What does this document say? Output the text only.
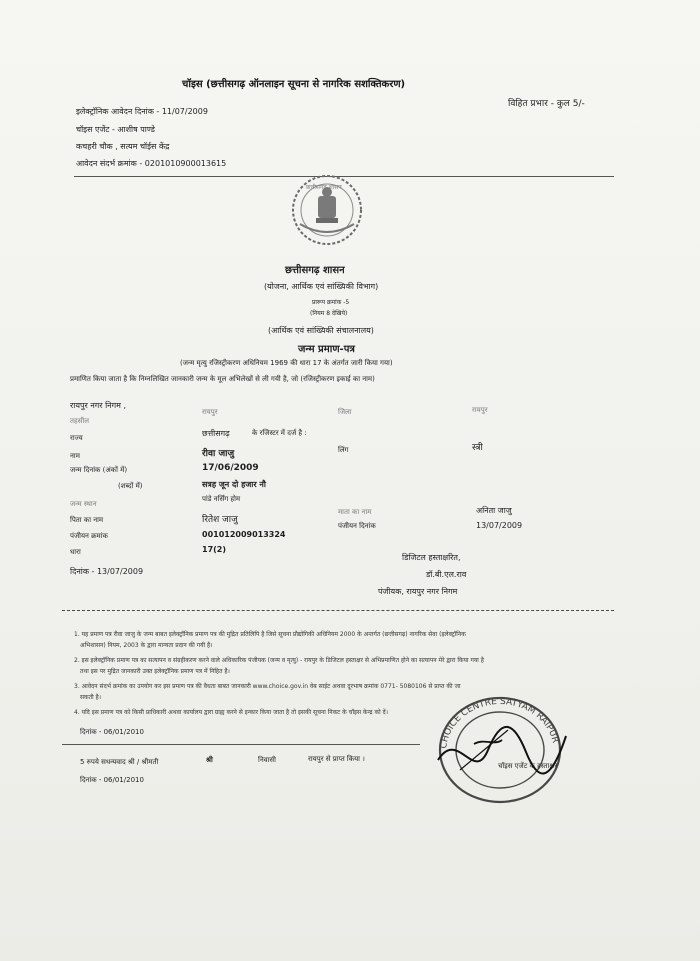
चॉइस (छत्तीसगढ़ ऑनलाइन सूचना से नागरिक सशक्तिकरण)
विहित प्रभार - कुल 5/-
इलेक्ट्रॉनिक आवेदन दिनांक - 11/07/2009
चॉइस एजेंट - आशीष पाण्डे
कचहरी चौक , सत्यम चॉईस केंद्र
आवेदन संदर्भ क्रमांक - 0201010900013615
छत्तीसगढ़ शासन
छत्तीसगढ़ शासन
(योजना, आर्थिक एवं सांख्यिकी विभाग)
प्रारूप क्रमांक -5
(नियम 8 देखिये)
(आर्थिक एवं सांख्यिकी संचालनालय)
जन्म प्रमाण-पत्र
(जन्म मृत्यु रजिस्ट्रीकरण अधिनियम 1969 की धारा 17 के अंतर्गत जारी किया गया)
प्रमाणित किया जाता है कि निम्नलिखित जानकारी जन्म के मूल अभिलेखों से ली गयी है, जो (रजिस्ट्रीकरण इकाई का नाम)
रायपुर नगर निगम ,
तहसील
रायपुर	जिला	रायपुर
राज्य	छत्तीसगढ़	के रजिस्टर में दर्ज है :
नाम	रीवा जाजु	लिंग	स्त्री
जन्म दिनांक (अंकों में)	17/06/2009
(शब्दों में)	सत्रह जून दो हजार नौ
जन्म स्थान
पांडे नर्सिंग होम
माता का नाम	अनिता जाजु
पिता का नाम	रितेश जाजु
पंजीयन दिनांक	13/07/2009
पंजीयन क्रमांक	001012009013324
धारा	17(2)
दिनांक - 13/07/2009
डिजिटल हस्ताक्षरित,
डॉ.बी.एल.राव
पंजीयक, रायपुर नगर निगम
1. यह प्रमाण पत्र रीवा जाजु के जन्म बाबत इलेक्ट्रॉनिक प्रमाण पत्र की मुद्रित प्रतिलिपि है जिसे सूचना प्रौद्योगिकी अधिनियम 2000 के अन्तर्गत (छत्तीसगढ़) नागरिक सेवा (इलेक्ट्रॉनिक
अभिशासन) नियम, 2003 के द्वारा मान्यता प्रदान की गयी है।
2. इस इलेक्ट्रॉनिक प्रमाण पत्र का सत्यापन व संग्रहीकरण करने वाले अधिकारिक पंजीयक (जन्म व मृत्यु) - रायपुर के डिजिटल हस्ताक्षर से अभिप्रमाणित होने का सत्यापन मेरे द्वारा किया गया है
तथा इस पर मुद्रित जानकारी उक्त इलेक्ट्रॉनिक प्रमाण पत्र में निहित है।
3. आवेदन संदर्भ क्रमांक का उपयोग कर इस प्रमाण पत्र की वैधता बाबत जानकारी www.choice.gov.in वेब साईट अथवा दूरभाष क्रमांक 0771- 5080106 से प्राप्त की जा
सकती है।
4. यदि इस प्रमाण पत्र को किसी प्राधिकारी अथवा कार्यालय द्वारा ग्राह्य करने से इन्कार किया जाता है तो इसकी सूचना निकट के चॉइस केन्द्र को दें।
दिनांक - 06/01/2010
5 रुपये सधन्यवाद श्री / श्रीमती	श्री	निवासी	रायपुर से प्राप्त किया ।
दिनांक - 06/01/2010
चॉइस एजेंट के हस्ताक्षर
CHOICE CENTRE SATYAM RAIPUR
